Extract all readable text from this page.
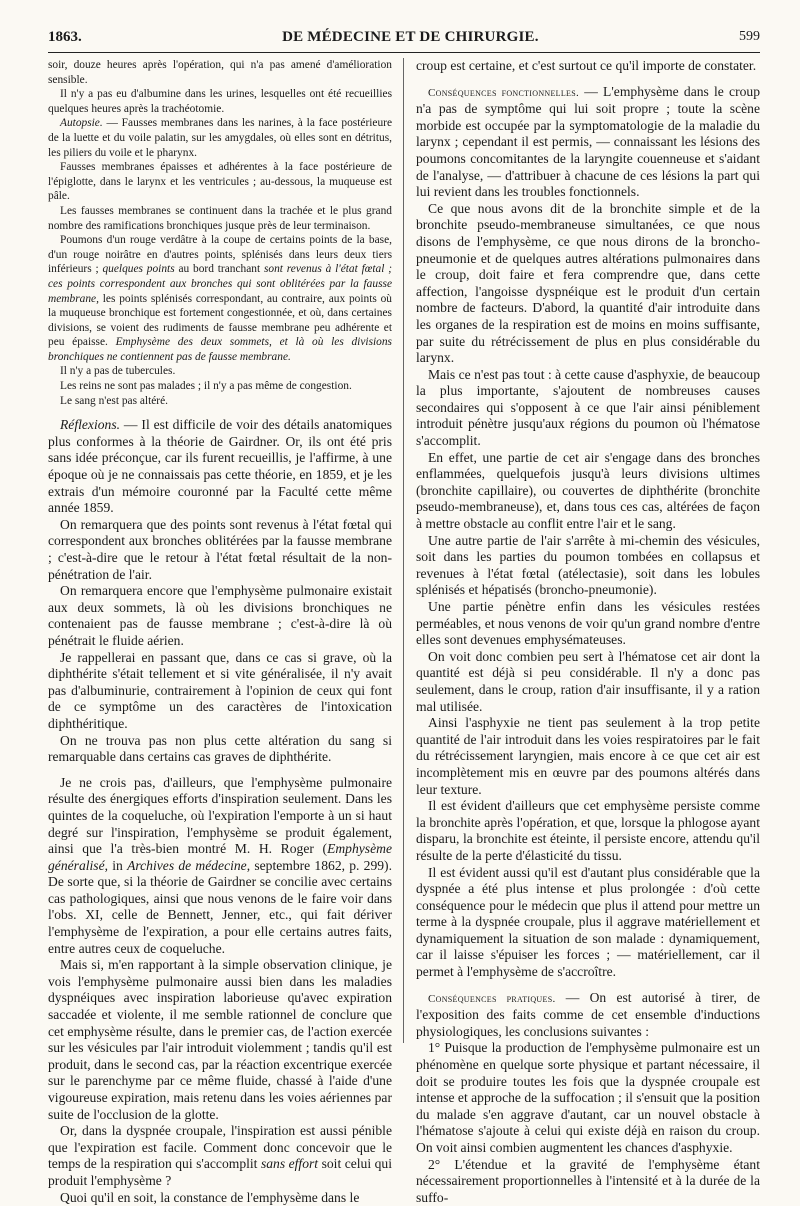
1863.	DE MÉDECINE ET DE CHIRURGIE.	599

soir, douze heures après l'opération, qui n'a pas amené d'amélioration sensible.

Il n'y a pas eu d'albumine dans les urines, lesquelles ont été recueillies quelques heures après la trachéotomie.

Autopsie. — Fausses membranes dans les narines, à la face postérieure de la luette et du voile palatin, sur les amygdales, où elles sont en détritus, les piliers du voile et le pharynx.

Fausses membranes épaisses et adhérentes à la face postérieure de l'épiglotte, dans le larynx et les ventricules ; au-dessous, la muqueuse est pâle.

Les fausses membranes se continuent dans la trachée et le plus grand nombre des ramifications bronchiques jusque près de leur terminaison.

Poumons d'un rouge verdâtre à la coupe de certains points de la base, d'un rouge noirâtre en d'autres points, splénisés dans leurs deux tiers inférieurs ; quelques points au bord tranchant sont revenus à l'état fœtal ; ces points correspondent aux bronches qui sont oblitérées par la fausse membrane, les points splénisés correspondant, au contraire, aux points où la muqueuse bronchique est fortement congestionnée, et où, dans certaines divisions, se voient des rudiments de fausse membrane peu adhérente et peu épaisse. Emphysème des deux sommets, et là où les divisions bronchiques ne contiennent pas de fausse membrane.

Il n'y a pas de tubercules.

Les reins ne sont pas malades ; il n'y a pas même de congestion.

Le sang n'est pas altéré.

Réflexions. — Il est difficile de voir des détails anatomiques plus conformes à la théorie de Gairdner. Or, ils ont été pris sans idée préconçue, car ils furent recueillis, je l'affirme, à une époque où je ne connaissais pas cette théorie, en 1859, et je les extrais d'un mémoire couronné par la Faculté cette même année 1859.

On remarquera que des points sont revenus à l'état fœtal qui correspondent aux bronches oblitérées par la fausse membrane ; c'est-à-dire que le retour à l'état fœtal résultait de la non-pénétration de l'air.

On remarquera encore que l'emphysème pulmonaire existait aux deux sommets, là où les divisions bronchiques ne contenaient pas de fausse membrane ; c'est-à-dire là où pénétrait le fluide aérien.

Je rappellerai en passant que, dans ce cas si grave, où la diphthérite s'était tellement et si vite généralisée, il n'y avait pas d'albuminurie, contrairement à l'opinion de ceux qui font de ce symptôme un des caractères de l'intoxication diphthéritique.

On ne trouva pas non plus cette altération du sang si remarquable dans certains cas graves de diphthérite.

Je ne crois pas, d'ailleurs, que l'emphysème pulmonaire résulte des énergiques efforts d'inspiration seulement. Dans les quintes de la coqueluche, où l'expiration l'emporte à un si haut degré sur l'inspiration, l'emphysème se produit également, ainsi que l'a très-bien montré M. H. Roger (Emphysème généralisé, in Archives de médecine, septembre 1862, p. 299). De sorte que, si la théorie de Gairdner se concilie avec certains cas pathologiques, ainsi que nous venons de le faire voir dans l'obs. XI, celle de Bennett, Jenner, etc., qui fait dériver l'emphysème de l'expiration, a pour elle certains autres faits, entre autres ceux de coqueluche.

Mais si, m'en rapportant à la simple observation clinique, je vois l'emphysème pulmonaire aussi bien dans les maladies dyspnéiques avec inspiration laborieuse qu'avec expiration saccadée et violente, il me semble rationnel de conclure que cet emphysème résulte, dans le premier cas, de l'action exercée sur les vésicules par l'air introduit violemment ; tandis qu'il est produit, dans le second cas, par la réaction excentrique exercée sur le parenchyme par ce même fluide, chassé à l'aide d'une vigoureuse expiration, mais retenu dans les voies aériennes par suite de l'occlusion de la glotte.

Or, dans la dyspnée croupale, l'inspiration est aussi pénible que l'expiration est facile. Comment donc concevoir que le temps de la respiration qui s'accomplit sans effort soit celui qui produit l'emphysème ?

Quoi qu'il en soit, la constance de l'emphysème dans le

croup est certaine, et c'est surtout ce qu'il importe de constater.

Conséquences fonctionnelles. — L'emphysème dans le croup n'a pas de symptôme qui lui soit propre ; toute la scène morbide est occupée par la symptomatologie de la maladie du larynx ; cependant il est permis, — connaissant les lésions des poumons concomitantes de la laryngite couenneuse et s'aidant de l'analyse, — d'attribuer à chacune de ces lésions la part qui lui revient dans les troubles fonctionnels.

Ce que nous avons dit de la bronchite simple et de la bronchite pseudo-membraneuse simultanées, ce que nous disons de l'emphysème, ce que nous dirons de la broncho-pneumonie et de quelques autres altérations pulmonaires dans le croup, doit faire et fera comprendre que, dans cette affection, l'angoisse dyspnéique est le produit d'un certain nombre de facteurs. D'abord, la quantité d'air introduite dans les organes de la respiration est de moins en moins suffisante, par suite du rétrécissement de plus en plus considérable du larynx.

Mais ce n'est pas tout : à cette cause d'asphyxie, de beaucoup la plus importante, s'ajoutent de nombreuses causes secondaires qui s'opposent à ce que l'air ainsi péniblement introduit pénètre jusqu'aux régions du poumon où l'hématose s'accomplit.

En effet, une partie de cet air s'engage dans des bronches enflammées, quelquefois jusqu'à leurs divisions ultimes (bronchite capillaire), ou couvertes de diphthérite (bronchite pseudo-membraneuse), et, dans tous ces cas, altérées de façon à mettre obstacle au conflit entre l'air et le sang.

Une autre partie de l'air s'arrête à mi-chemin des vésicules, soit dans les parties du poumon tombées en collapsus et revenues à l'état fœtal (atélectasie), soit dans les lobules splénisés et hépatisés (broncho-pneumonie).

Une partie pénètre enfin dans les vésicules restées perméables, et nous venons de voir qu'un grand nombre d'entre elles sont devenues emphysémateuses.

On voit donc combien peu sert à l'hématose cet air dont la quantité est déjà si peu considérable. Il n'y a donc pas seulement, dans le croup, ration d'air insuffisante, il y a ration mal utilisée.

Ainsi l'asphyxie ne tient pas seulement à la trop petite quantité de l'air introduit dans les voies respiratoires par le fait du rétrécissement laryngien, mais encore à ce que cet air est incomplètement mis en œuvre par des poumons altérés dans leur texture.

Il est évident d'ailleurs que cet emphysème persiste comme la bronchite après l'opération, et que, lorsque la phlogose ayant disparu, la bronchite est éteinte, il persiste encore, attendu qu'il résulte de la perte d'élasticité du tissu.

Il est évident aussi qu'il est d'autant plus considérable que la dyspnée a été plus intense et plus prolongée : d'où cette conséquence pour le médecin que plus il attend pour mettre un terme à la dyspnée croupale, plus il aggrave matériellement et dynamiquement la situation de son malade : dynamiquement, car il laisse s'épuiser les forces ; — matériellement, car il permet à l'emphysème de s'accroître.

Conséquences pratiques. — On est autorisé à tirer, de l'exposition des faits comme de cet ensemble d'inductions physiologiques, les conclusions suivantes :

1° Puisque la production de l'emphysème pulmonaire est un phénomène en quelque sorte physique et partant nécessaire, il doit se produire toutes les fois que la dyspnée croupale est intense et approche de la suffocation ; il s'ensuit que la position du malade s'en aggrave d'autant, car un nouvel obstacle à l'hématose s'ajoute à celui qui existe déjà en raison du croup. On voit ainsi combien augmentent les chances d'asphyxie.

2° L'étendue et la gravité de l'emphysème étant nécessairement proportionnelles à l'intensité et à la durée de la suffo-
